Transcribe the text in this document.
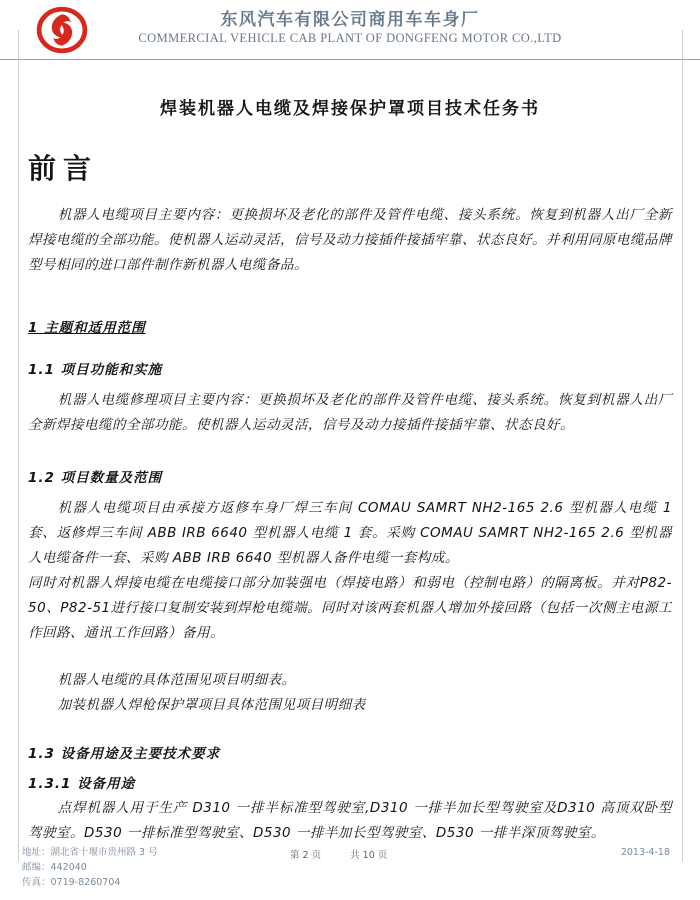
东风汽车有限公司商用车车身厂
COMMERCIAL VEHICLE CAB PLANT OF DONGFENG MOTOR CO.,LTD
焊装机器人电缆及焊接保护罩项目技术任务书
前言

机器人电缆项目主要内容：更换损坏及老化的部件及管件电缆、接头系统。恢复到机器人出厂全新焊接电缆的全部功能。使机器人运动灵活，信号及动力接插件接插牢靠、状态良好。并利用同原电缆品牌型号相同的进口部件制作新机器人电缆备品。

1 主题和适用范围
1.1 项目功能和实施

机器人电缆修理项目主要内容：更换损坏及老化的部件及管件电缆、接头系统。恢复到机器人出厂全新焊接电缆的全部功能。使机器人运动灵活，信号及动力接插件接插牢靠、状态良好。

1.2 项目数量及范围

机器人电缆项目由承接方返修车身厂焊三车间 COMAU SAMRT NH2-165 2.6 型机器人电缆 1 套、返修焊三车间 ABB IRB 6640 型机器人电缆 1 套。采购 COMAU SAMRT NH2-165 2.6 型机器人电缆备件一套、采购 ABB IRB 6640 型机器人备件电缆一套构成。

同时对机器人焊接电缆在电缆接口部分加装强电（焊接电路）和弱电（控制电路）的隔离板。并对P82-50、P82-51进行接口复制安装到焊枪电缆端。同时对该两套机器人增加外接回路（包括一次侧主电源工作回路、通讯工作回路）备用。

机器人电缆的具体范围见项目明细表。

加装机器人焊枪保护罩项目具体范围见项目明细表

1.3 设备用途及主要技术要求
1.3.1 设备用途

点焊机器人用于生产 D310 一排半标准型驾驶室,D310 一排半加长型驾驶室及D310 高顶双卧型驾驶室。D530 一排标准型驾驶室、D530 一排半加长型驾驶室、D530 一排半深顶驾驶室。

地址：湖北省十堰市贵州路 3 号
邮编：442040
传真：0719-8260704
第 2 页	共 10 页	2013-4-18
